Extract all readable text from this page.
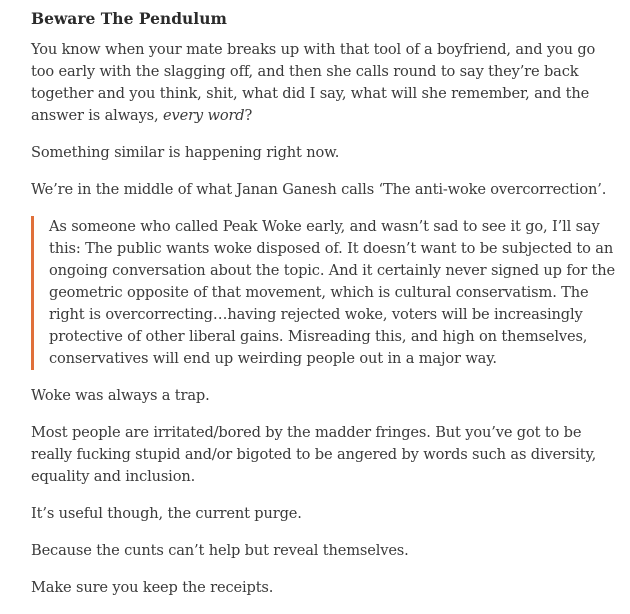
Beware The Pendulum

You know when your mate breaks up with that tool of a boyfriend, and you go too early with the slagging off, and then she calls round to say they’re back together and you think, shit, what did I say, what will she remember, and the answer is always, every word?

Something similar is happening right now.

We’re in the middle of what Janan Ganesh calls ‘The anti-woke overcorrection’.

As someone who called Peak Woke early, and wasn’t sad to see it go, I’ll say this: The public wants woke disposed of. It doesn’t want to be subjected to an ongoing conversation about the topic. And it certainly never signed up for the geometric opposite of that movement, which is cultural conservatism. The right is overcorrecting…having rejected woke, voters will be increasingly protective of other liberal gains. Misreading this, and high on themselves, conservatives will end up weirding people out in a major way.

Woke was always a trap.

Most people are irritated/bored by the madder fringes. But you’ve got to be really fucking stupid and/or bigoted to be angered by words such as diversity, equality and inclusion.

It’s useful though, the current purge.

Because the cunts can’t help but reveal themselves.

Make sure you keep the receipts.
